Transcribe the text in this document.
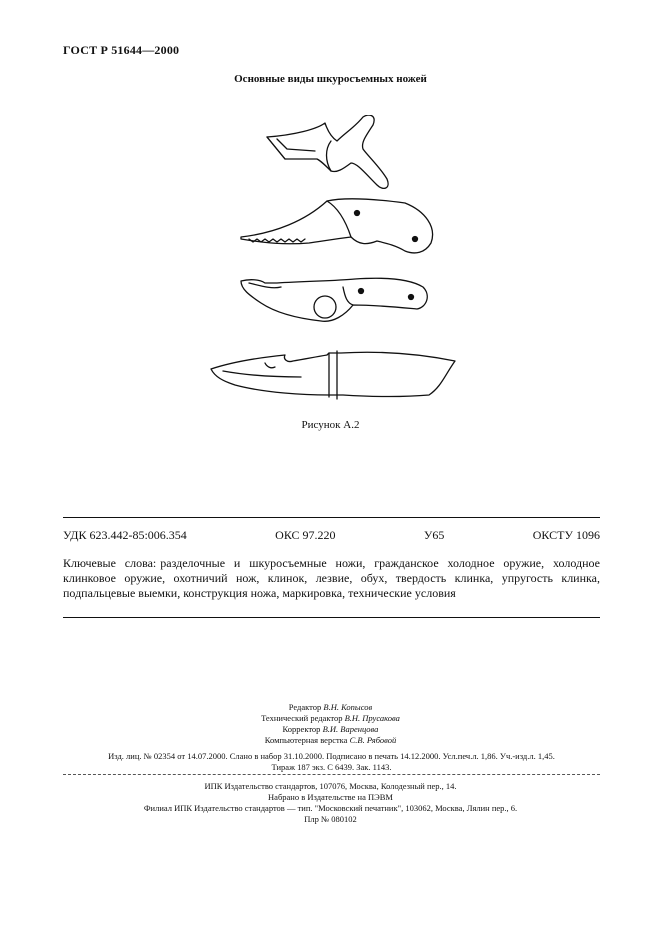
ГОСТ Р 51644—2000
Основные виды шкуросъемных ножей
Рисунок А.2
УДК 623.442-85:006.354	ОКС 97.220	У65	ОКСТУ 1096
Ключевые слова: разделочные и шкуросъемные ножи, гражданское холодное оружие, холодное клинковое оружие, охотничий нож, клинок, лезвие, обух, твердость клинка, упругость клинка, подпальцевые выемки, конструкция ножа, маркировка, технические условия
Редактор В.Н. Копысов
Технический редактор В.Н. Прусакова
Корректор В.И. Варенцова
Компьютерная верстка С.В. Рябовой
Изд. лиц. № 02354 от 14.07.2000. Слано в набор 31.10.2000. Подписано в печать 14.12.2000. Усл.печ.л. 1,86. Уч.-изд.л. 1,45.
Тираж 187 экз. С 6439. Зак. 1143.
ИПК Издательство стандартов, 107076, Москва, Колодезный пер., 14.
Набрано в Издательстве на ПЭВМ
Филиал ИПК Издательство стандартов — тип. "Московский печатник", 103062, Москва, Лялин пер., 6.
Плр № 080102
